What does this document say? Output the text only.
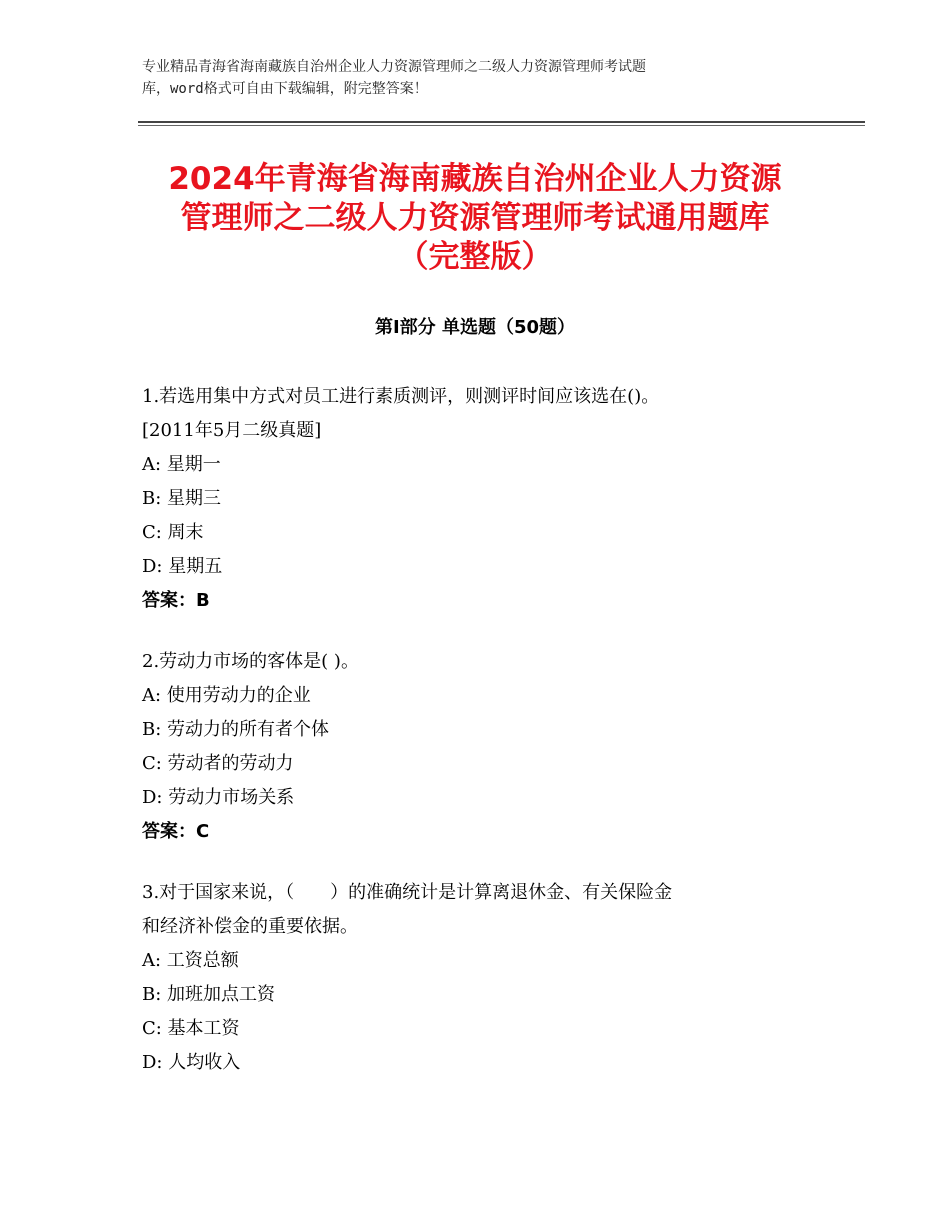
专业精品青海省海南藏族自治州企业人力资源管理师之二级人力资源管理师考试题
库，word格式可自由下载编辑，附完整答案！
2024年青海省海南藏族自治州企业人力资源
管理师之二级人力资源管理师考试通用题库
（完整版）
第Ⅰ部分 单选题（50题）
1.若选用集中方式对员工进行素质测评，则测评时间应该选在()。
[2011年5月二级真题]
A: 星期一
B: 星期三
C: 周末
D: 星期五
答案：B
2.劳动力市场的客体是( )。
A: 使用劳动力的企业
B: 劳动力的所有者个体
C: 劳动者的劳动力
D: 劳动力市场关系
答案：C
3.对于国家来说，（　　）的准确统计是计算离退休金、有关保险金
和经济补偿金的重要依据。
A: 工资总额
B: 加班加点工资
C: 基本工资
D: 人均收入
